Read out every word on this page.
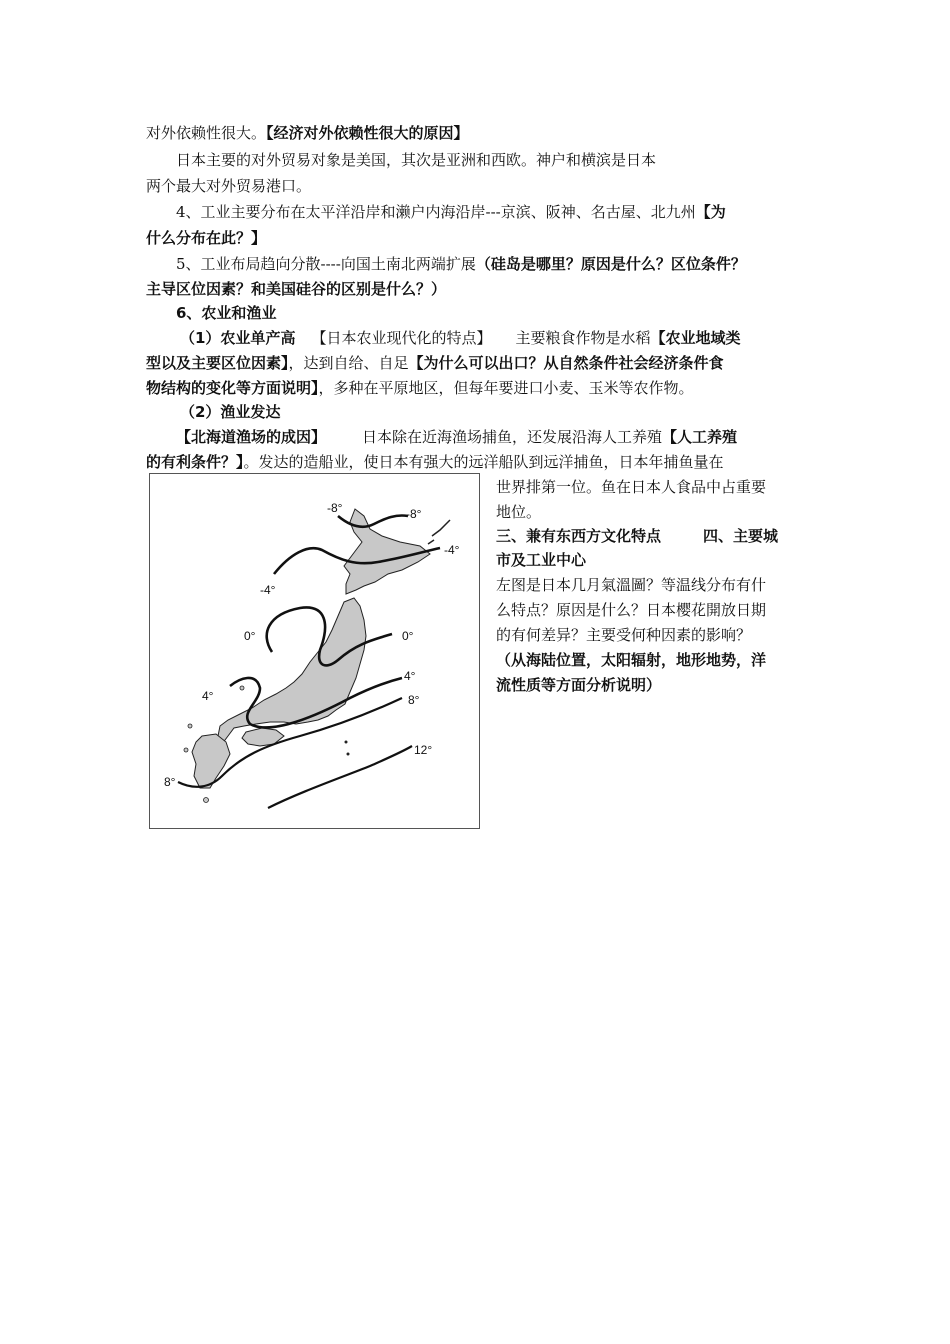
对外依赖性很大。【经济对外依赖性很大的原因】
日本主要的对外贸易对象是美国，其次是亚洲和西欧。神户和横滨是日本
两个最大对外贸易港口。
4、工业主要分布在太平洋沿岸和濑户内海沿岸---京滨、阪神、名古屋、北九州【为
什么分布在此？】
5、工业布局趋向分散----向国土南北两端扩展（硅岛是哪里？原因是什么？区位条件？
主导区位因素？和美国硅谷的区别是什么？）
6、农业和渔业
（1）农业单产高 【日本农业现代化的特点】 主要粮食作物是水稻【农业地域类
型以及主要区位因素】，达到自给、自足【为什么可以出口？从自然条件社会经济条件食
物结构的变化等方面说明】，多种在平原地区，但每年要进口小麦、玉米等农作物。
（2）渔业发达
【北海道渔场的成因】 日本除在近海渔场捕鱼，还发展沿海人工养殖【人工养殖
的有利条件？】。发达的造船业，使日本有强大的远洋船队到远洋捕鱼，日本年捕鱼量在
-8°	-8°
-4°
-4°
0°	0°
4°
4°
8°
8°
12°
世界排第一位。鱼在日本人食品中占重要
地位。
三、兼有东西方文化特点	四、主要城
市及工业中心
左图是日本几月氣溫圖？等温线分布有什
么特点？原因是什么？日本樱花開放日期
的有何差异？主要受何种因素的影响？
（从海陆位置，太阳辐射，地形地势，洋
流性质等方面分析说明）
